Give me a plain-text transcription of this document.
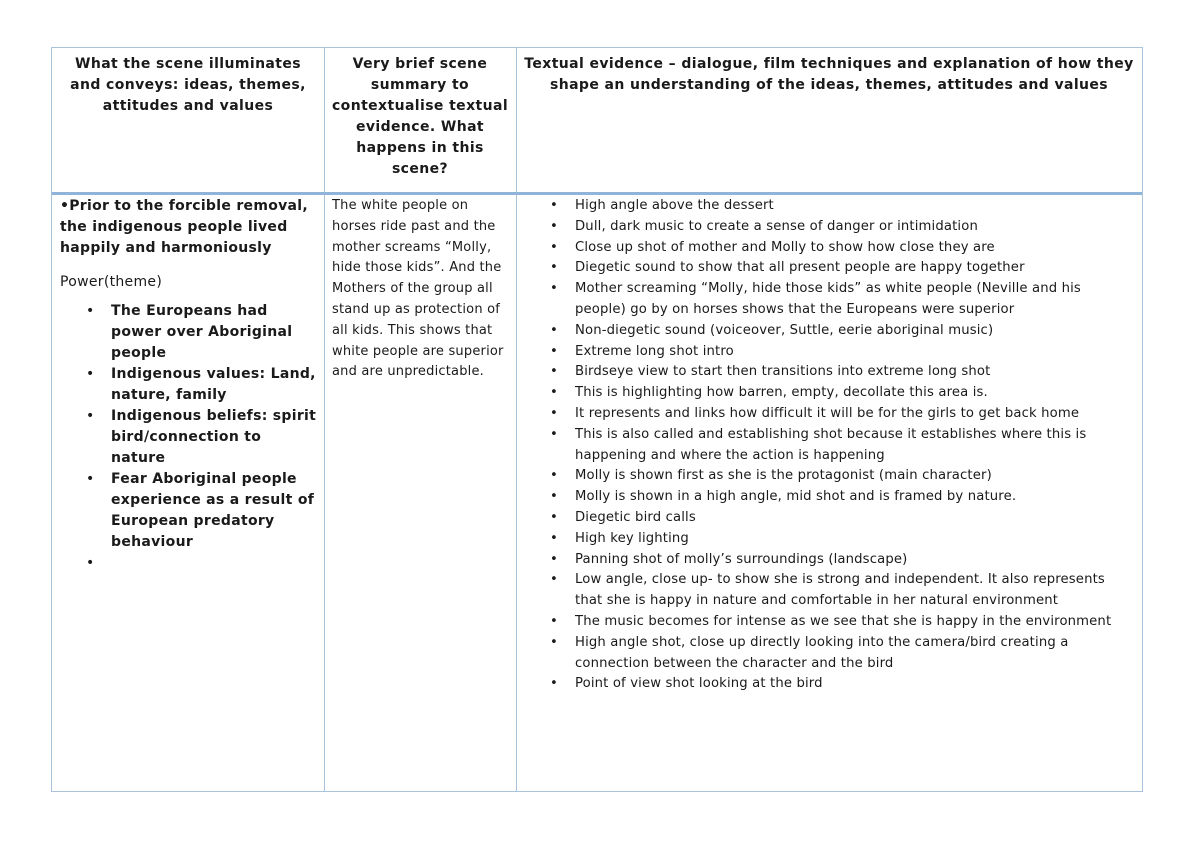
What the scene illuminates and conveys: ideas, themes, attitudes and values

•Prior to the forcible removal, the indigenous people lived happily and harmoniously

Power(theme)

• The Europeans had power over Aboriginal people
• Indigenous values: Land, nature, family
• Indigenous beliefs: spirit bird/connection to nature
• Fear Aboriginal people experience as a result of European predatory behaviour
•
Very brief scene summary to contextualise textual evidence. What happens in this scene?

The white people on horses ride past and the mother screams “Molly, hide those kids”. And the Mothers of the group all stand up as protection of all kids. This shows that white people are superior and are unpredictable.

Textual evidence – dialogue, film techniques and explanation of how they shape an understanding of the ideas, themes, attitudes and values
• High angle above the dessert
• Dull, dark music to create a sense of danger or intimidation
• Close up shot of mother and Molly to show how close they are
• Diegetic sound to show that all present people are happy together
• Mother screaming “Molly, hide those kids” as white people (Neville and his people) go by on horses shows that the Europeans were superior
• Non-diegetic sound (voiceover, Suttle, eerie aboriginal music)
• Extreme long shot intro
• Birdseye view to start then transitions into extreme long shot
• This is highlighting how barren, empty, decollate this area is.
• It represents and links how difficult it will be for the girls to get back home
• This is also called and establishing shot because it establishes where this is happening and where the action is happening
• Molly is shown first as she is the protagonist (main character)
• Molly is shown in a high angle, mid shot and is framed by nature.
• Diegetic bird calls
• High key lighting
• Panning shot of molly’s surroundings (landscape)
• Low angle, close up- to show she is strong and independent. It also represents that she is happy in nature and comfortable in her natural environment
• The music becomes for intense as we see that she is happy in the environment
• High angle shot, close up directly looking into the camera/bird creating a connection between the character and the bird
• Point of view shot looking at the bird
